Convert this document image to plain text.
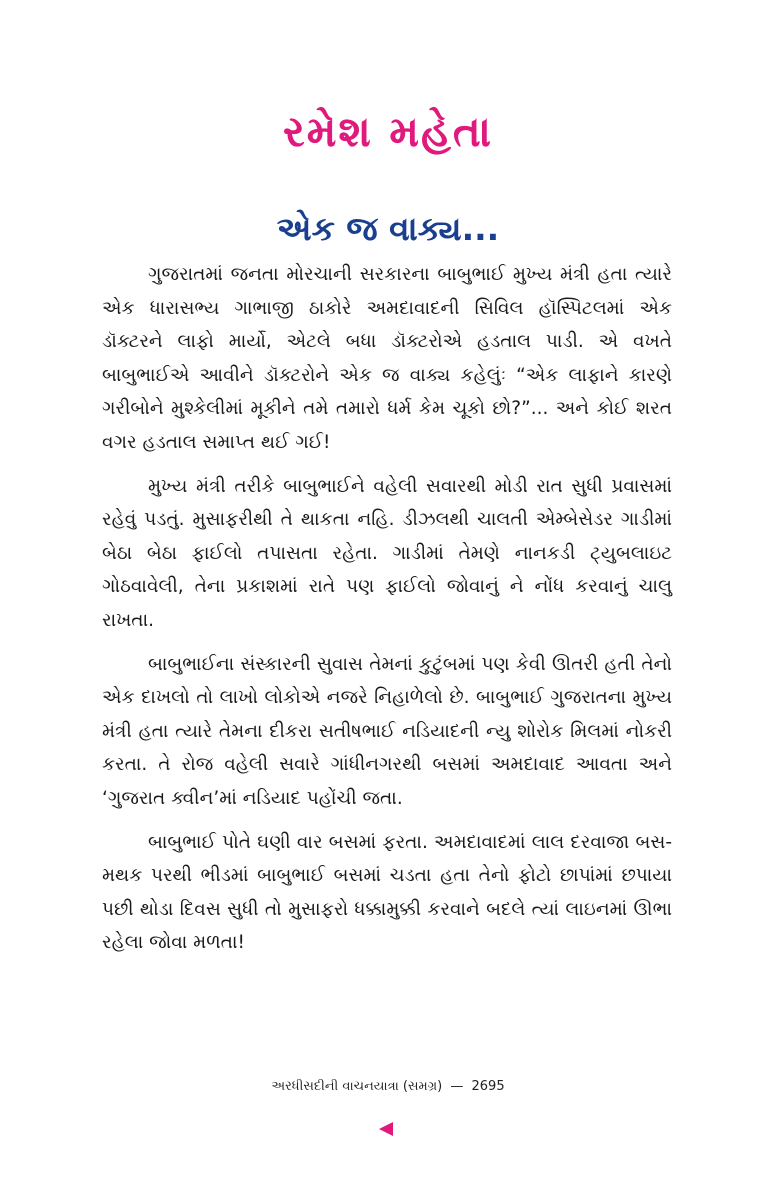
રમેશ મહેતા
એક જ વાક્ય...

ગુજરાતમાં જનતા મોરચાની સરકારના બાબુભાઈ મુખ્ય મંત્રી હતા ત્યારે એક ધારાસભ્ય ગાભાજી ઠાકોરે અમદાવાદની સિવિલ હૉસ્પિટલમાં એક ડૉક્ટરને લાફો માર્યો, એટલે બધા ડૉક્ટરોએ હડતાલ પાડી. એ વખતે બાબુભાઈએ આવીને ડૉક્ટરોને એક જ વાક્ય કહેલુંઃ “એક લાફાને કારણે ગરીબોને મુશ્કેલીમાં મૂકીને તમે તમારો ધર્મ કેમ ચૂકો છો?”... અને કોઈ શરત વગર હડતાલ સમાપ્ત થઈ ગઈ!

મુખ્ય મંત્રી તરીકે બાબુભાઈને વહેલી સવારથી મોડી રાત સુધી પ્રવાસમાં રહેવું પડતું. મુસાફરીથી તે થાકતા નહિ. ડીઝલથી ચાલતી એમ્બેસેડર ગાડીમાં બેઠા બેઠા ફાઈલો તપાસતા રહેતા. ગાડીમાં તેમણે નાનકડી ટ્યુબલાઇટ ગોઠવાવેલી, તેના પ્રકાશમાં રાતે પણ ફાઈલો જોવાનું ને નોંધ કરવાનું ચાલુ રાખતા.

બાબુભાઈના સંસ્કારની સુવાસ તેમનાં કુટુંબમાં પણ કેવી ઊતરી હતી તેનો એક દાખલો તો લાખો લોકોએ નજરે નિહાળેલો છે. બાબુભાઈ ગુજરાતના મુખ્ય મંત્રી હતા ત્યારે તેમના દીકરા સતીષભાઈ નડિયાદની ન્યુ શોરોક મિલમાં નોકરી કરતા. તે રોજ વહેલી સવારે ગાંધીનગરથી બસમાં અમદાવાદ આવતા અને ‘ગુજરાત ક્વીન’માં નડિયાદ પહોંચી જતા.

બાબુભાઈ પોતે ઘણી વાર બસમાં ફરતા. અમદાવાદમાં લાલ દરવાજા બસ-મથક પરથી ભીડમાં બાબુભાઈ બસમાં ચડતા હતા તેનો ફોટો છાપાંમાં છપાયા પછી થોડા દિવસ સુધી તો મુસાફરો ધક્કામુક્કી કરવાને બદલે ત્યાં લાઇનમાં ઊભા રહેલા જોવા મળતા!

અરધીસદીની વાચનયાત્રા (સમગ્ર) — 2695
